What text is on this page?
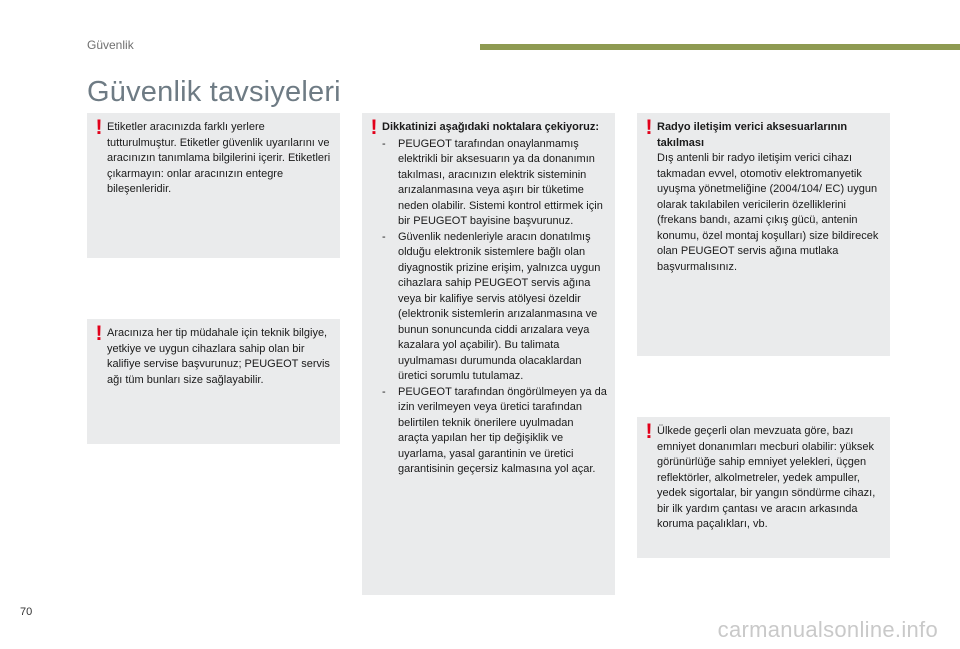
Güvenlik
Güvenlik tavsiyeleri
! Etiketler aracınızda farklı yerlere tutturulmuştur. Etiketler güvenlik uyarılarını ve aracınızın tanımlama bilgilerini içerir. Etiketleri çıkarmayın: onlar aracınızın entegre bileşenleridir.

! Aracınıza her tip müdahale için teknik bilgiye, yetkiye ve uygun cihazlara sahip olan bir kalifiye servise başvurunuz; PEUGEOT servis ağı tüm bunları size sağlayabilir.

! Dikkatinizi aşağıdaki noktalara çekiyoruz:

-	PEUGEOT tarafından onaylanmamış elektrikli bir aksesuarın ya da donanımın takılması, aracınızın elektrik sisteminin arızalanmasına veya aşırı bir tüketime neden olabilir. Sistemi kontrol ettirmek için bir PEUGEOT bayisine başvurunuz.
-	Güvenlik nedenleriyle aracın donatılmış olduğu elektronik sistemlere bağlı olan diyagnostik prizine erişim, yalnızca uygun cihazlara sahip PEUGEOT servis ağına veya bir kalifiye servis atölyesi özeldir (elektronik sistemlerin arızalanmasına ve bunun sonuncunda ciddi arızalara veya kazalara yol açabilir). Bu talimata uyulmaması durumunda olacaklardan üretici sorumlu tutulamaz.
-	PEUGEOT tarafından öngörülmeyen ya da izin verilmeyen veya üretici tarafından belirtilen teknik önerilere uyulmadan araçta yapılan her tip değişiklik ve uyarlama, yasal garantinin ve üretici garantisinin geçersiz kalmasına yol açar.
! Radyo iletişim verici aksesuarlarının takılması

Dış antenli bir radyo iletişim verici cihazı takmadan evvel, otomotiv elektromanyetik uyuşma yönetmeliğine (2004/104/ EC) uygun olarak takılabilen vericilerin özelliklerini (frekans bandı, azami çıkış gücü, antenin konumu, özel montaj koşulları) size bildirecek olan PEUGEOT servis ağına mutlaka başvurmalısınız.

! Ülkede geçerli olan mevzuata göre, bazı emniyet donanımları mecburi olabilir: yüksek görünürlüğe sahip emniyet yelekleri, üçgen reflektörler, alkolmetreler, yedek ampuller, yedek sigortalar, bir yangın söndürme cihazı, bir ilk yardım çantası ve aracın arkasında koruma paçalıkları, vb.

70
carmanualsonline.info
